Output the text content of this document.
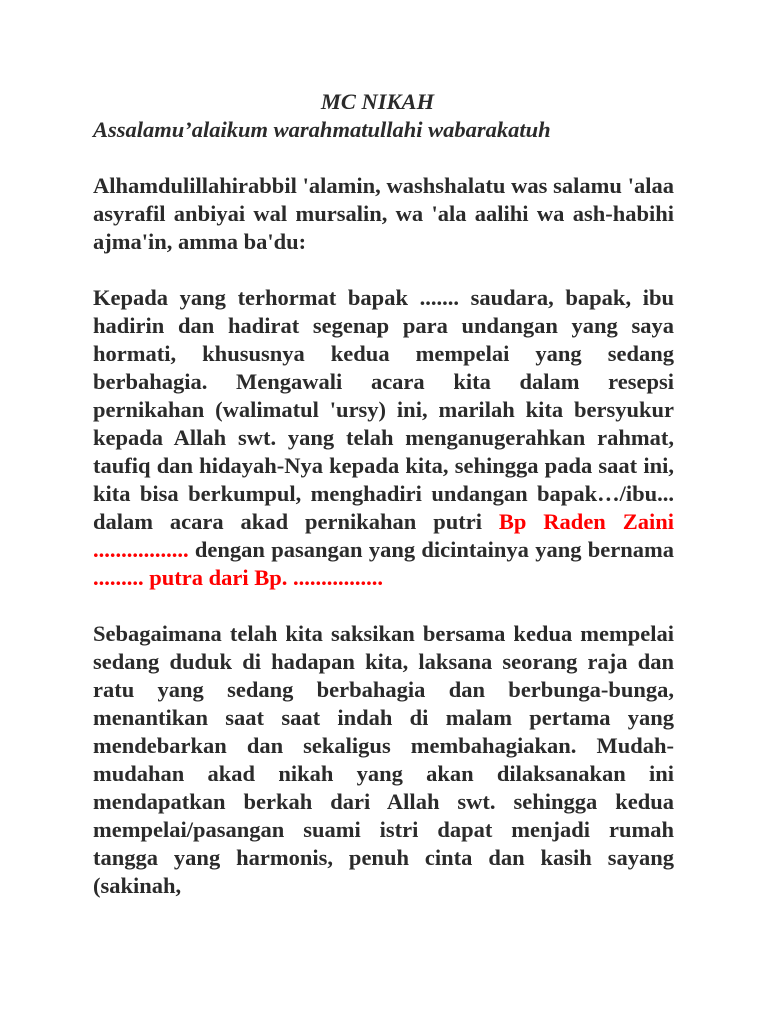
MC NIKAH
Assalamu’alaikum warahmatullahi wabarakatuh

Alhamdulillahirabbil 'alamin, washshalatu was salamu 'alaa asyrafil anbiyai wal mursalin, wa 'ala aalihi wa ash-habihi ajma'in, amma ba'du:

Kepada yang terhormat bapak ....... saudara, bapak, ibu hadirin dan hadirat segenap para undangan yang saya hormati, khususnya kedua mempelai yang sedang berbahagia. Mengawali acara kita dalam resepsi pernikahan (walimatul 'ursy) ini, marilah kita bersyukur kepada Allah swt. yang telah menganugerahkan rahmat, taufiq dan hidayah-Nya kepada kita, sehingga pada saat ini, kita bisa berkumpul, menghadiri undangan bapak…/ibu... dalam acara akad pernikahan putri Bp Raden Zaini ................. dengan pasangan yang dicintainya yang bernama ......... putra dari Bp. ................

Sebagaimana telah kita saksikan bersama kedua mempelai sedang duduk di hadapan kita, laksana seorang raja dan ratu yang sedang berbahagia dan berbunga-bunga, menantikan saat saat indah di malam pertama yang mendebarkan dan sekaligus membahagiakan. Mudah-mudahan akad nikah yang akan dilaksanakan ini mendapatkan berkah dari Allah swt. sehingga kedua mempelai/pasangan suami istri dapat menjadi rumah tangga yang harmonis, penuh cinta dan kasih sayang (sakinah,
